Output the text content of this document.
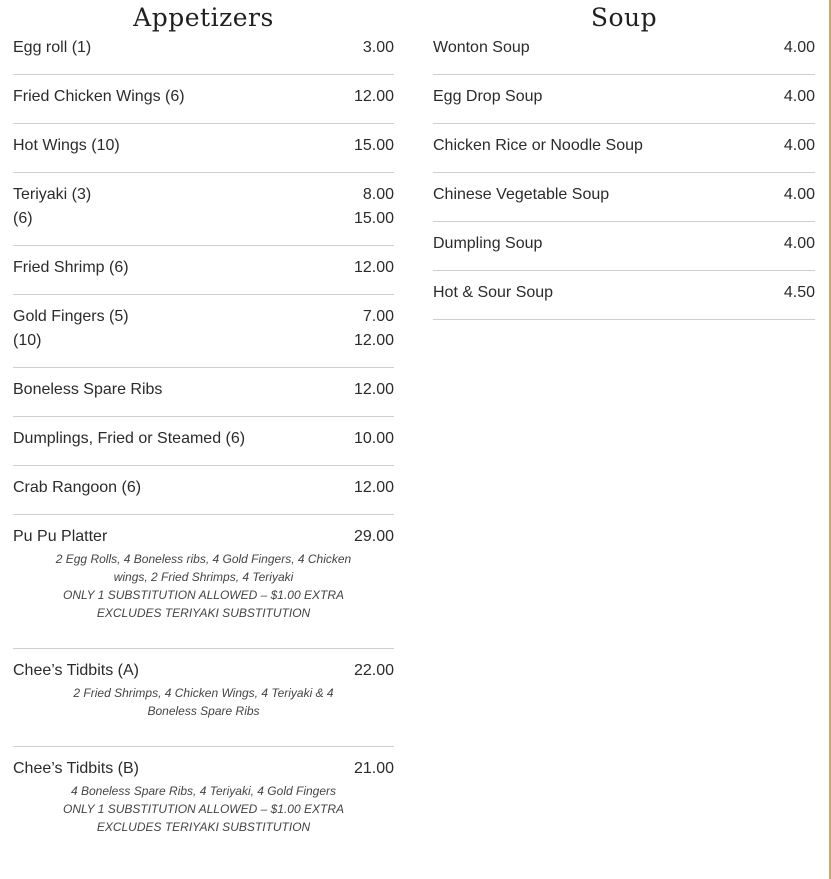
Appetizers
Egg roll (1)	3.00
Fried Chicken Wings (6)	12.00
Hot Wings (10)	15.00
Teriyaki (3)	8.00
(6)	15.00
Fried Shrimp (6)	12.00
Gold Fingers (5)	7.00
(10)	12.00
Boneless Spare Ribs	12.00
Dumplings, Fried or Steamed (6)	10.00
Crab Rangoon (6)	12.00
Pu Pu Platter	29.00
2 Egg Rolls, 4 Boneless ribs, 4 Gold Fingers, 4 Chicken wings, 2 Fried Shrimps, 4 Teriyaki
ONLY 1 SUBSTITUTION ALLOWED – $1.00 EXTRA
EXCLUDES TERIYAKI SUBSTITUTION
Chee’s Tidbits (A)	22.00
2 Fried Shrimps, 4 Chicken Wings, 4 Teriyaki & 4 Boneless Spare Ribs
Chee’s Tidbits (B)	21.00
4 Boneless Spare Ribs, 4 Teriyaki, 4 Gold Fingers
ONLY 1 SUBSTITUTION ALLOWED – $1.00 EXTRA
EXCLUDES TERIYAKI SUBSTITUTION
Soup
Wonton Soup	4.00
Egg Drop Soup	4.00
Chicken Rice or Noodle Soup	4.00
Chinese Vegetable Soup	4.00
Dumpling Soup	4.00
Hot & Sour Soup	4.50
